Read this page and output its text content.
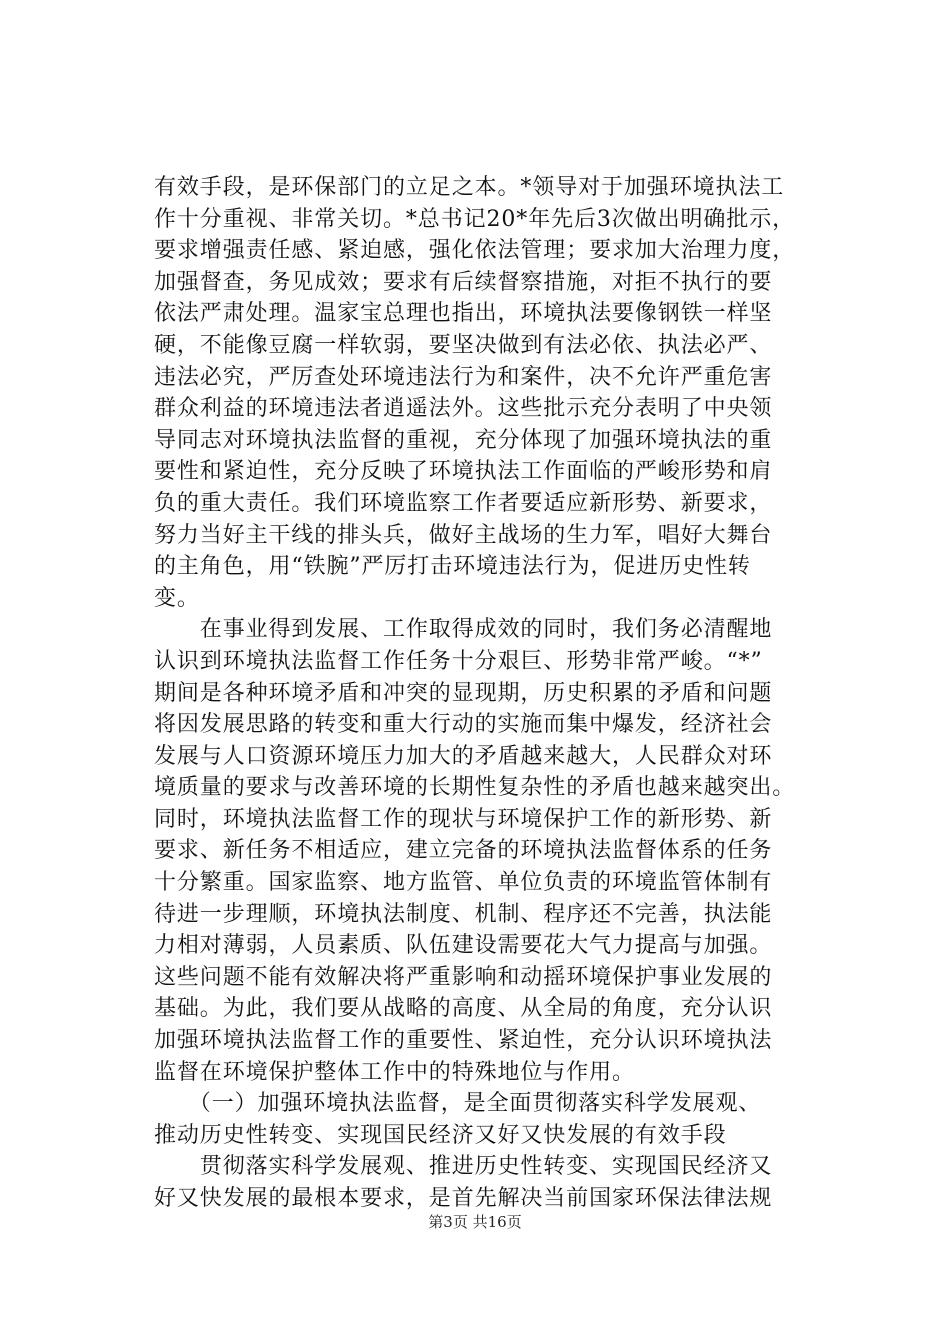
有效手段，是环保部门的立足之本。*领导对于加强环境执法工
作十分重视、非常关切。*总书记20*年先后3次做出明确批示，
要求增强责任感、紧迫感，强化依法管理；要求加大治理力度，
加强督查，务见成效；要求有后续督察措施，对拒不执行的要
依法严肃处理。温家宝总理也指出，环境执法要像钢铁一样坚
硬，不能像豆腐一样软弱，要坚决做到有法必依、执法必严、
违法必究，严厉查处环境违法行为和案件，决不允许严重危害
群众利益的环境违法者逍遥法外。这些批示充分表明了中央领
导同志对环境执法监督的重视，充分体现了加强环境执法的重
要性和紧迫性，充分反映了环境执法工作面临的严峻形势和肩
负的重大责任。我们环境监察工作者要适应新形势、新要求，
努力当好主干线的排头兵，做好主战场的生力军，唱好大舞台
的主角色，用“铁腕”严厉打击环境违法行为，促进历史性转
变。
　　在事业得到发展、工作取得成效的同时，我们务必清醒地
认识到环境执法监督工作任务十分艰巨、形势非常严峻。“*”
期间是各种环境矛盾和冲突的显现期，历史积累的矛盾和问题
将因发展思路的转变和重大行动的实施而集中爆发，经济社会
发展与人口资源环境压力加大的矛盾越来越大，人民群众对环
境质量的要求与改善环境的长期性复杂性的矛盾也越来越突出。
同时，环境执法监督工作的现状与环境保护工作的新形势、新
要求、新任务不相适应，建立完备的环境执法监督体系的任务
十分繁重。国家监察、地方监管、单位负责的环境监管体制有
待进一步理顺，环境执法制度、机制、程序还不完善，执法能
力相对薄弱，人员素质、队伍建设需要花大气力提高与加强。
这些问题不能有效解决将严重影响和动摇环境保护事业发展的
基础。为此，我们要从战略的高度、从全局的角度，充分认识
加强环境执法监督工作的重要性、紧迫性，充分认识环境执法
监督在环境保护整体工作中的特殊地位与作用。
　　（一）加强环境执法监督，是全面贯彻落实科学发展观、
推动历史性转变、实现国民经济又好又快发展的有效手段
　　贯彻落实科学发展观、推进历史性转变、实现国民经济又
好又快发展的最根本要求，是首先解决当前国家环保法律法规
第3页 共16页
